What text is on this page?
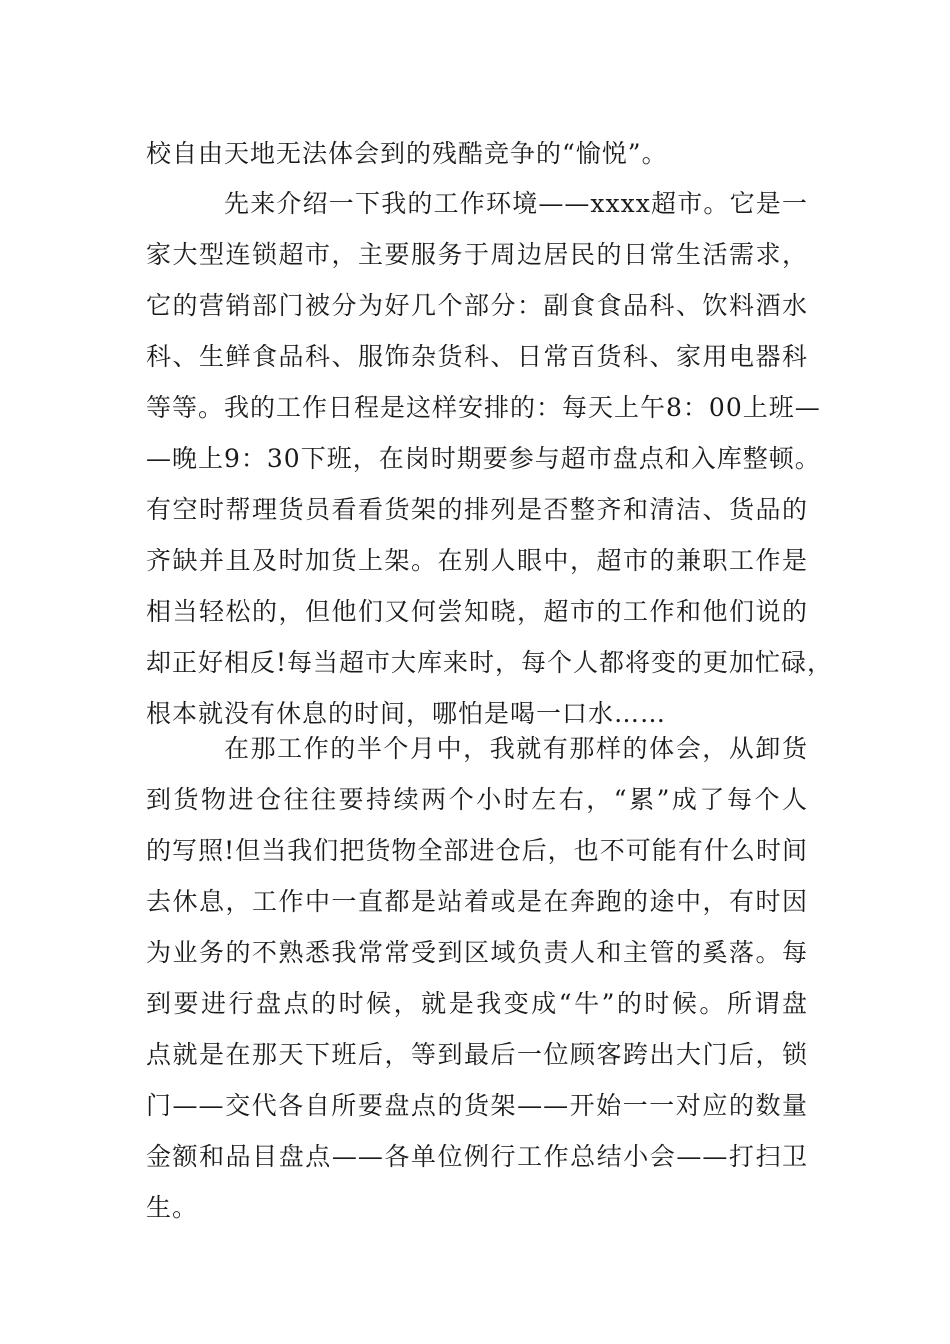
校自由天地无法体会到的残酷竞争的“愉悦”。
先来介绍一下我的工作环境——xxxx超市。它是一
家大型连锁超市，主要服务于周边居民的日常生活需求，
它的营销部门被分为好几个部分：副食食品科、饮料酒水
科、生鲜食品科、服饰杂货科、日常百货科、家用电器科
等等。我的工作日程是这样安排的：每天上午8：00上班—
—晚上9：30下班，在岗时期要参与超市盘点和入库整顿。
有空时帮理货员看看货架的排列是否整齐和清洁、货品的
齐缺并且及时加货上架。在别人眼中，超市的兼职工作是
相当轻松的，但他们又何尝知晓，超市的工作和他们说的
却正好相反!每当超市大库来时，每个人都将变的更加忙碌，
根本就没有休息的时间，哪怕是喝一口水……
在那工作的半个月中，我就有那样的体会，从卸货
到货物进仓往往要持续两个小时左右，“累”成了每个人
的写照!但当我们把货物全部进仓后，也不可能有什么时间
去休息，工作中一直都是站着或是在奔跑的途中，有时因
为业务的不熟悉我常常受到区域负责人和主管的奚落。每
到要进行盘点的时候，就是我变成“牛”的时候。所谓盘
点就是在那天下班后，等到最后一位顾客跨出大门后，锁
门——交代各自所要盘点的货架——开始一一对应的数量
金额和品目盘点——各单位例行工作总结小会——打扫卫
生。
